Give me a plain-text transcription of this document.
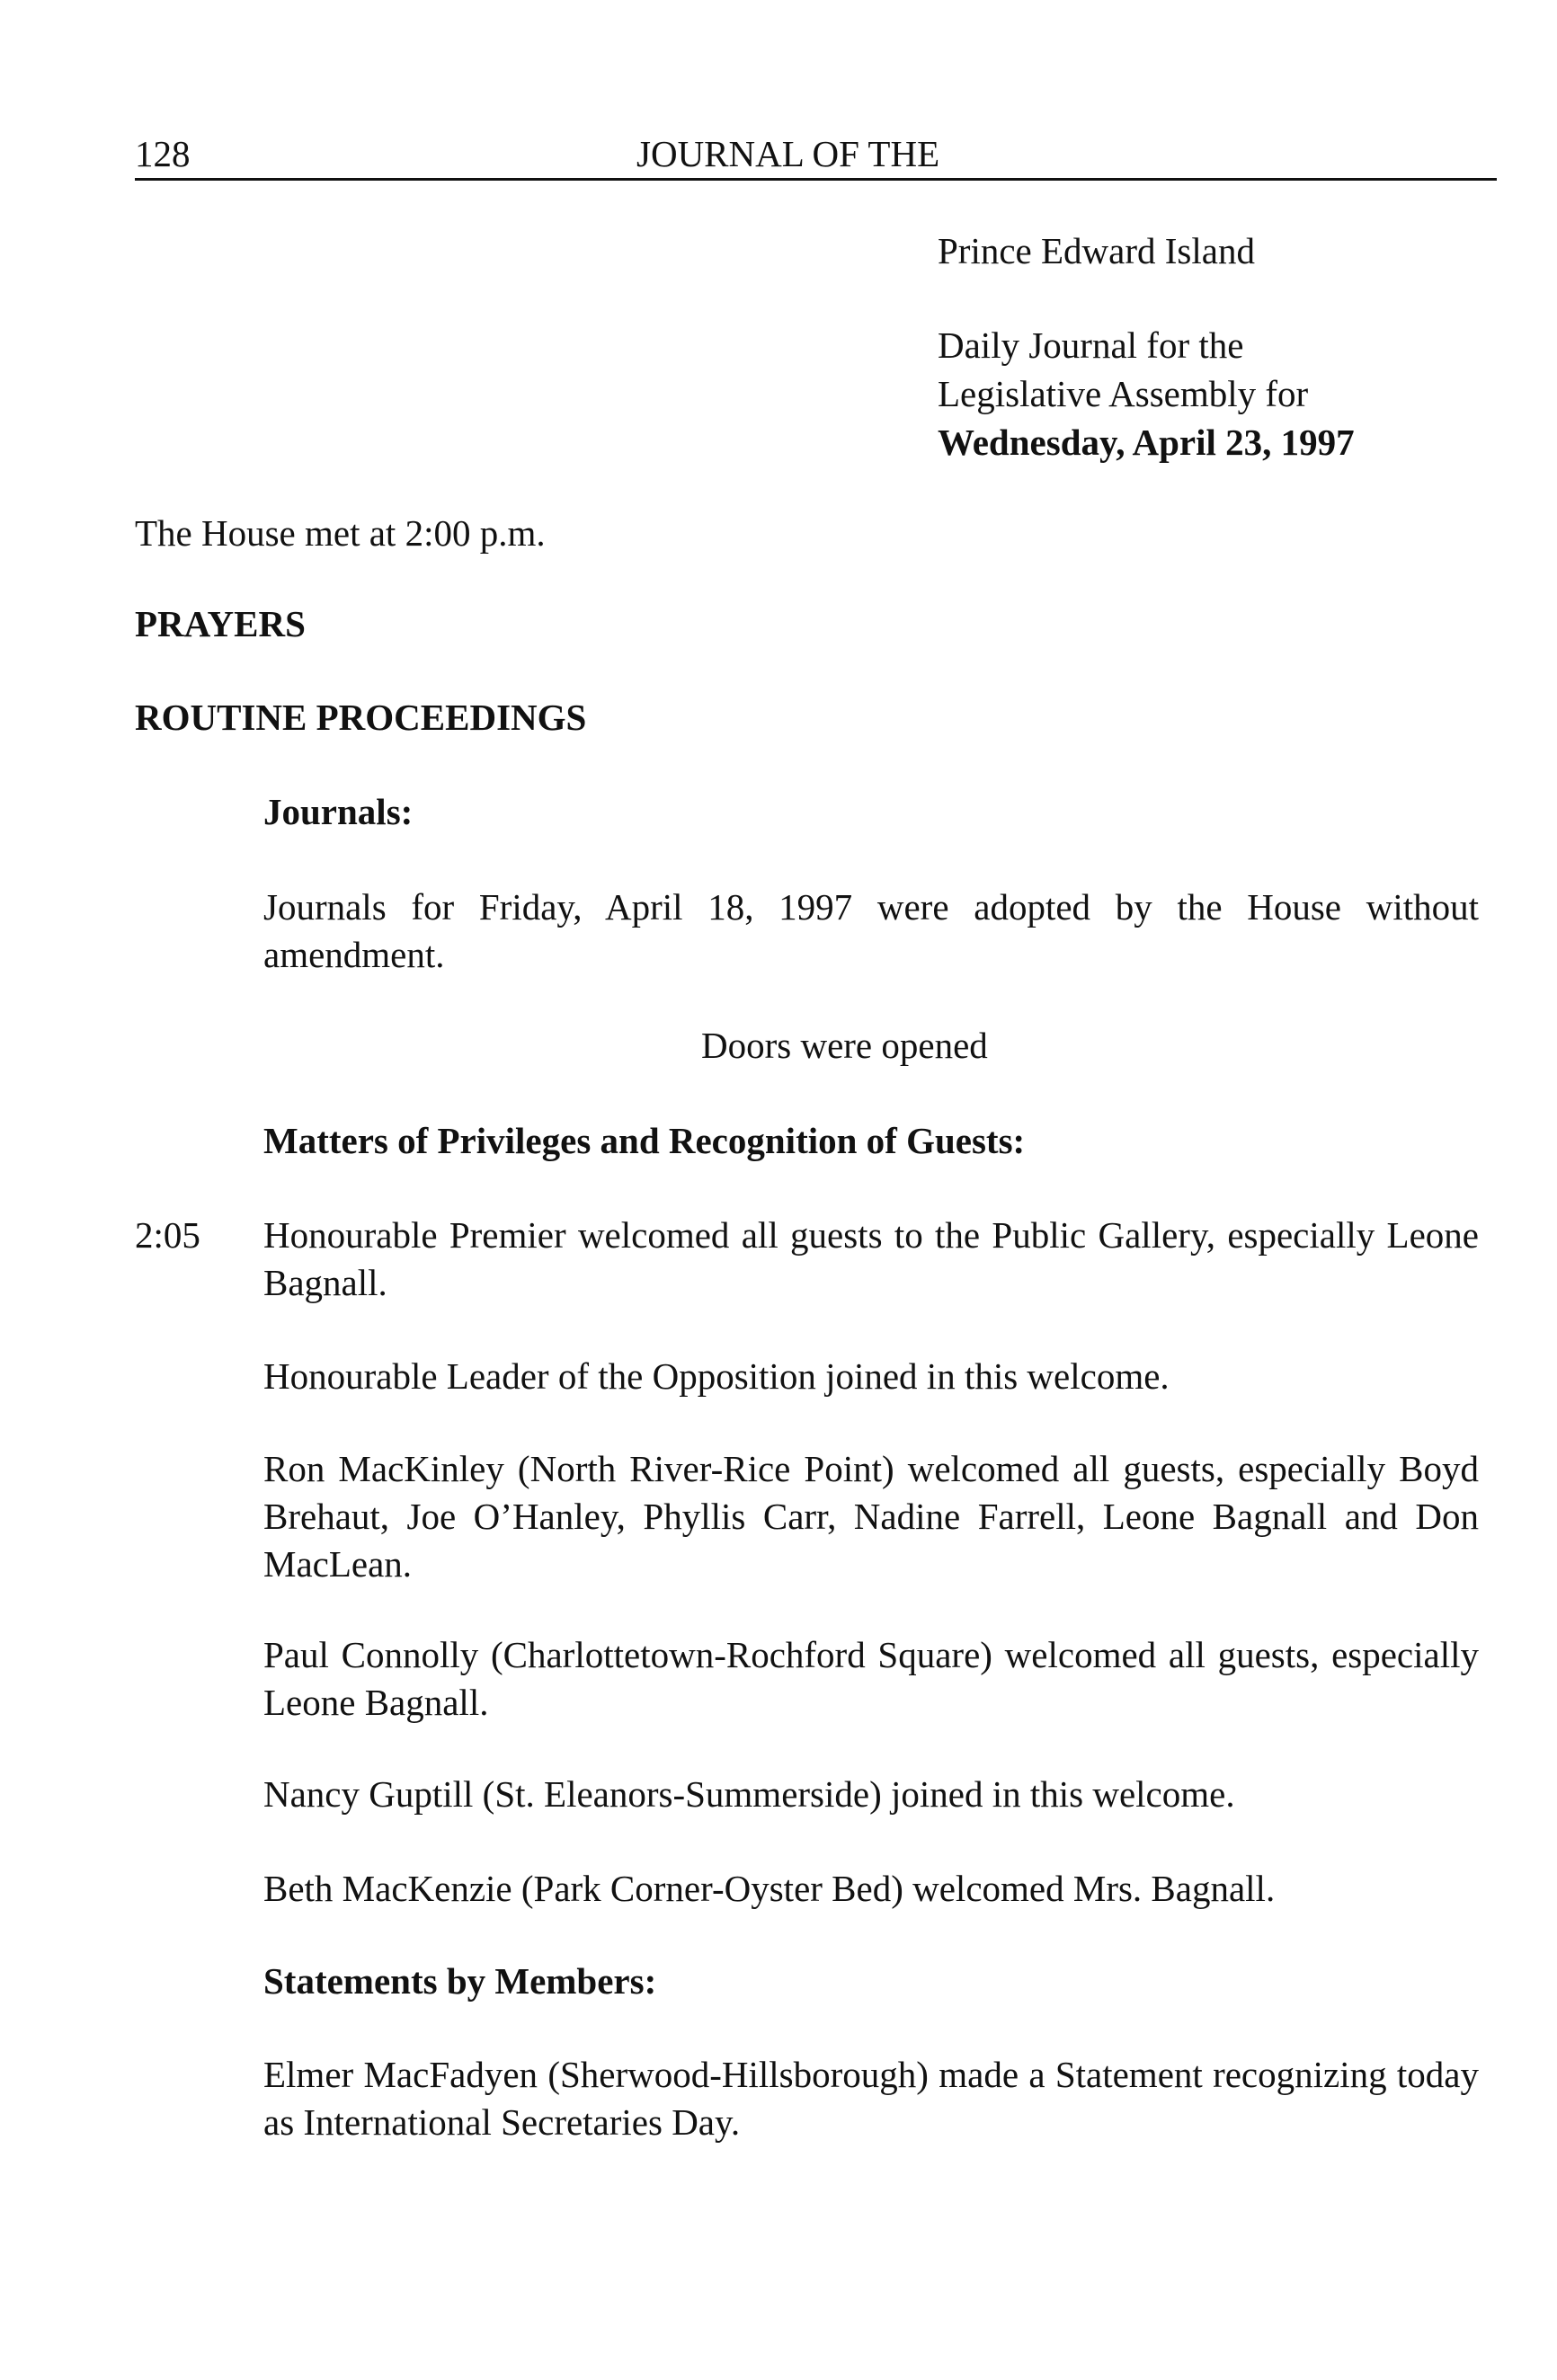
128	JOURNAL OF THE
Prince Edward Island
Daily Journal for the
Legislative Assembly for
Wednesday, April 23, 1997
The House met at 2:00 p.m.
PRAYERS
ROUTINE PROCEEDINGS
Journals:
Journals for Friday, April 18, 1997 were adopted by the House without amendment.
Doors were opened
Matters of Privileges and Recognition of Guests:
2:05 Honourable Premier welcomed all guests to the Public Gallery, especially Leone Bagnall.
Honourable Leader of the Opposition joined in this welcome.
Ron MacKinley (North River-Rice Point) welcomed all guests, especially Boyd Brehaut, Joe O’Hanley, Phyllis Carr, Nadine Farrell, Leone Bagnall and Don MacLean.
Paul Connolly (Charlottetown-Rochford Square) welcomed all guests, especially Leone Bagnall.
Nancy Guptill (St. Eleanors-Summerside) joined in this welcome.
Beth MacKenzie (Park Corner-Oyster Bed) welcomed Mrs. Bagnall.
Statements by Members:
Elmer MacFadyen (Sherwood-Hillsborough) made a Statement recognizing today as International Secretaries Day.
